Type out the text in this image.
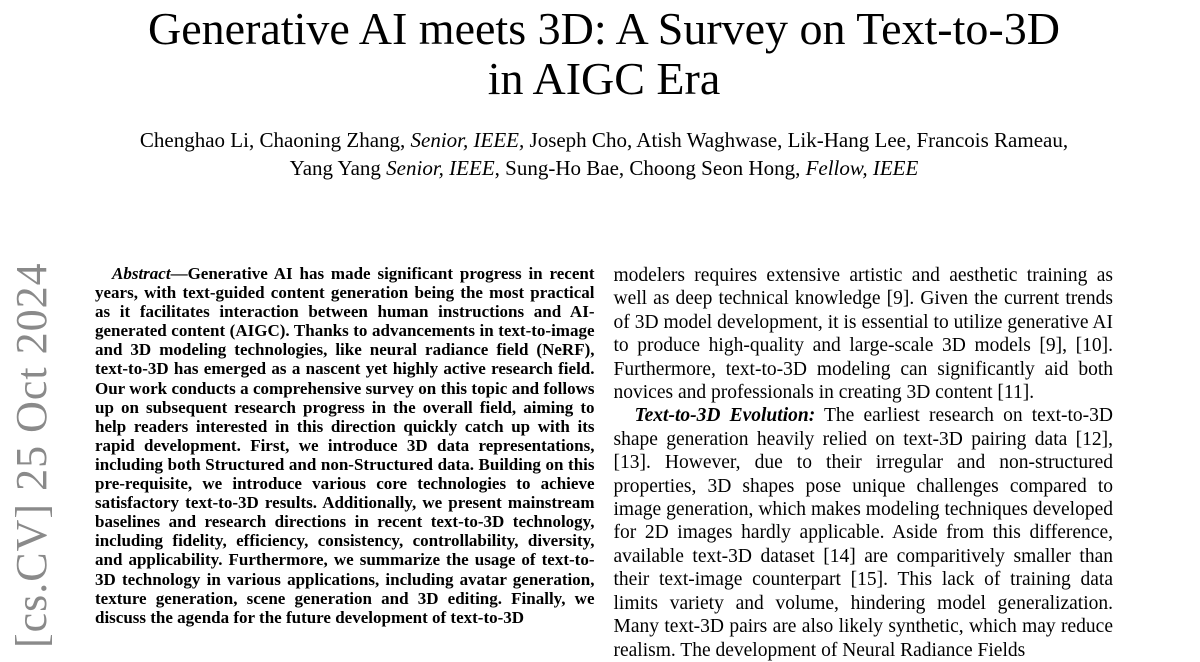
[cs.CV] 25 Oct 2024
Generative AI meets 3D: A Survey on Text-to-3D
in AIGC Era
Chenghao Li, Chaoning Zhang, Senior, IEEE, Joseph Cho, Atish Waghwase, Lik-Hang Lee, Francois Rameau,
Yang Yang Senior, IEEE, Sung-Ho Bae, Choong Seon Hong, Fellow, IEEE

Abstract—Generative AI has made significant progress in recent years, with text-guided content generation being the most practical as it facilitates interaction between human instructions and AI-generated content (AIGC). Thanks to advancements in text-to-image and 3D modeling technologies, like neural radiance field (NeRF), text-to-3D has emerged as a nascent yet highly active research field. Our work conducts a comprehensive survey on this topic and follows up on subsequent research progress in the overall field, aiming to help readers interested in this direction quickly catch up with its rapid development. First, we introduce 3D data representations, including both Structured and non-Structured data. Building on this pre-requisite, we introduce various core technologies to achieve satisfactory text-to-3D results. Additionally, we present mainstream baselines and research directions in recent text-to-3D technology, including fidelity, efficiency, consistency, controllability, diversity, and applicability. Furthermore, we summarize the usage of text-to-3D technology in various applications, including avatar generation, texture generation, scene generation and 3D editing. Finally, we discuss the agenda for the future development of text-to-3D

modelers requires extensive artistic and aesthetic training as well as deep technical knowledge [9]. Given the current trends of 3D model development, it is essential to utilize generative AI to produce high-quality and large-scale 3D models [9], [10]. Furthermore, text-to-3D modeling can significantly aid both novices and professionals in creating 3D content [11].

Text-to-3D Evolution: The earliest research on text-to-3D shape generation heavily relied on text-3D pairing data [12], [13]. However, due to their irregular and non-structured properties, 3D shapes pose unique challenges compared to image generation, which makes modeling techniques developed for 2D images hardly applicable. Aside from this difference, available text-3D dataset [14] are comparitively smaller than their text-image counterpart [15]. This lack of training data limits variety and volume, hindering model generalization. Many text-3D pairs are also likely synthetic, which may reduce realism. The development of Neural Radiance Fields
